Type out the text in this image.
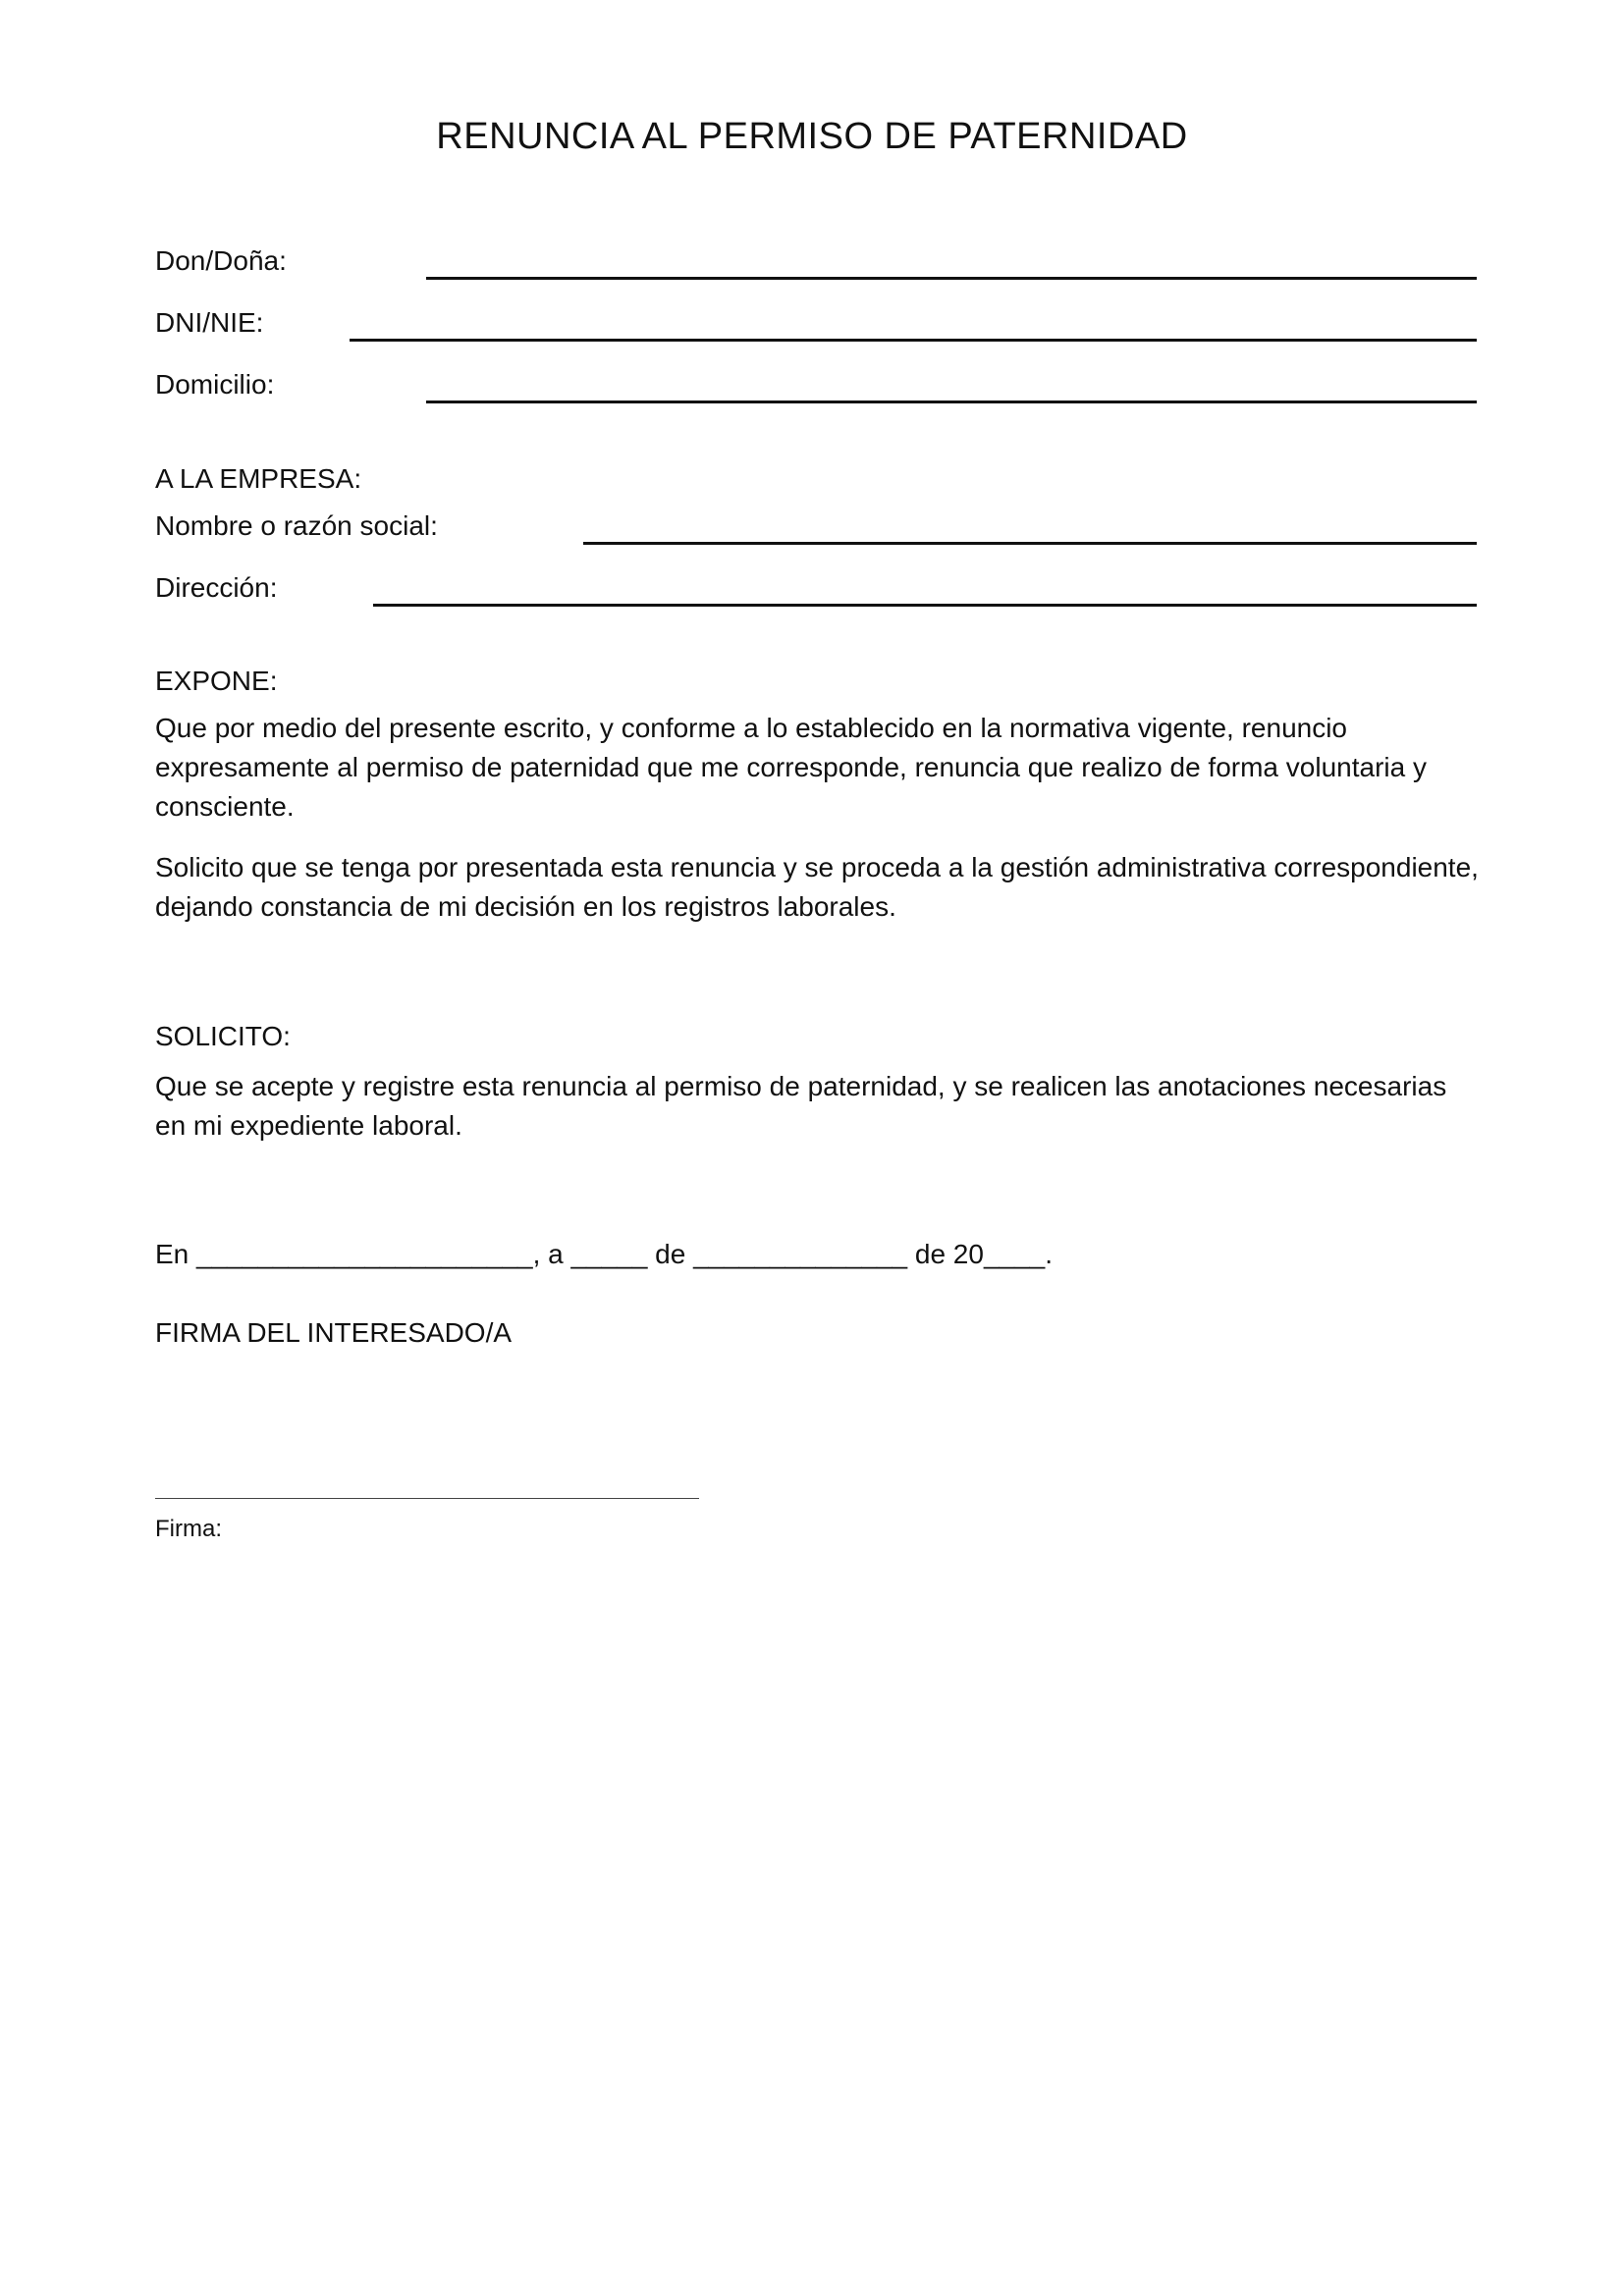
RENUNCIA AL PERMISO DE PATERNIDAD
Don/Doña:
DNI/NIE:
Domicilio:
A LA EMPRESA:
Nombre o razón social:
Dirección:
EXPONE:
Que por medio del presente escrito, y conforme a lo establecido en la normativa vigente, renuncio expresamente al permiso de paternidad que me corresponde, renuncia que realizo de forma voluntaria y consciente.
Solicito que se tenga por presentada esta renuncia y se proceda a la gestión administrativa correspondiente, dejando constancia de mi decisión en los registros laborales.
SOLICITO:
Que se acepte y registre esta renuncia al permiso de paternidad, y se realicen las anotaciones necesarias en mi expediente laboral.
En ______________________, a _____ de ______________ de 20____.
FIRMA DEL INTERESADO/A
Firma:
